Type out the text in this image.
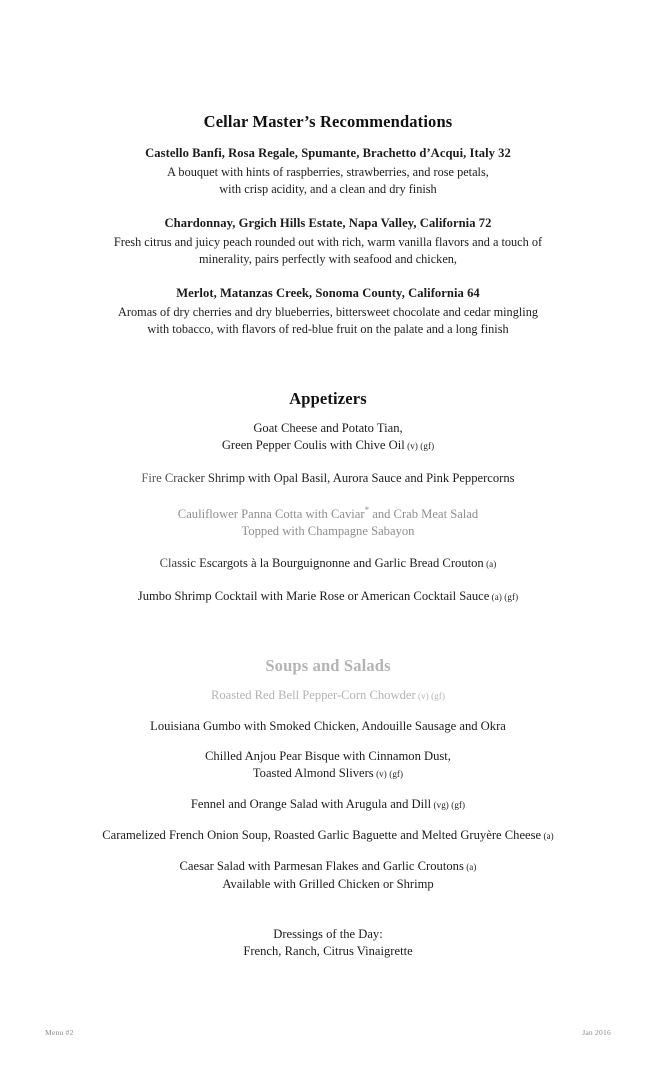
Cellar Master’s Recommendations
Castello Banfi, Rosa Regale, Spumante, Brachetto d’Acqui, Italy 32
A bouquet with hints of raspberries, strawberries, and rose petals,
with crisp acidity, and a clean and dry finish
Chardonnay, Grgich Hills Estate, Napa Valley, California 72
Fresh citrus and juicy peach rounded out with rich, warm vanilla flavors and a touch of
minerality, pairs perfectly with seafood and chicken,
Merlot, Matanzas Creek, Sonoma County, California 64
Aromas of dry cherries and dry blueberries, bittersweet chocolate and cedar mingling
with tobacco, with flavors of red-blue fruit on the palate and a long finish
Appetizers
Goat Cheese and Potato Tian,
Green Pepper Coulis with Chive Oil (v) (gf)
Fire Cracker Shrimp with Opal Basil, Aurora Sauce and Pink Peppercorns
Cauliflower Panna Cotta with Caviar* and Crab Meat Salad
Topped with Champagne Sabayon
Classic Escargots à la Bourguignonne and Garlic Bread Crouton (a)
Jumbo Shrimp Cocktail with Marie Rose or American Cocktail Sauce (a) (gf)
Soups and Salads
Roasted Red Bell Pepper-Corn Chowder (v) (gf)
Louisiana Gumbo with Smoked Chicken, Andouille Sausage and Okra
Chilled Anjou Pear Bisque with Cinnamon Dust,
Toasted Almond Slivers (v) (gf)
Fennel and Orange Salad with Arugula and Dill (vg) (gf)
Caramelized French Onion Soup, Roasted Garlic Baguette and Melted Gruyère Cheese (a)
Caesar Salad with Parmesan Flakes and Garlic Croutons (a)
Available with Grilled Chicken or Shrimp
Dressings of the Day:
French, Ranch, Citrus Vinaigrette
Menu #2	Jan 2016
